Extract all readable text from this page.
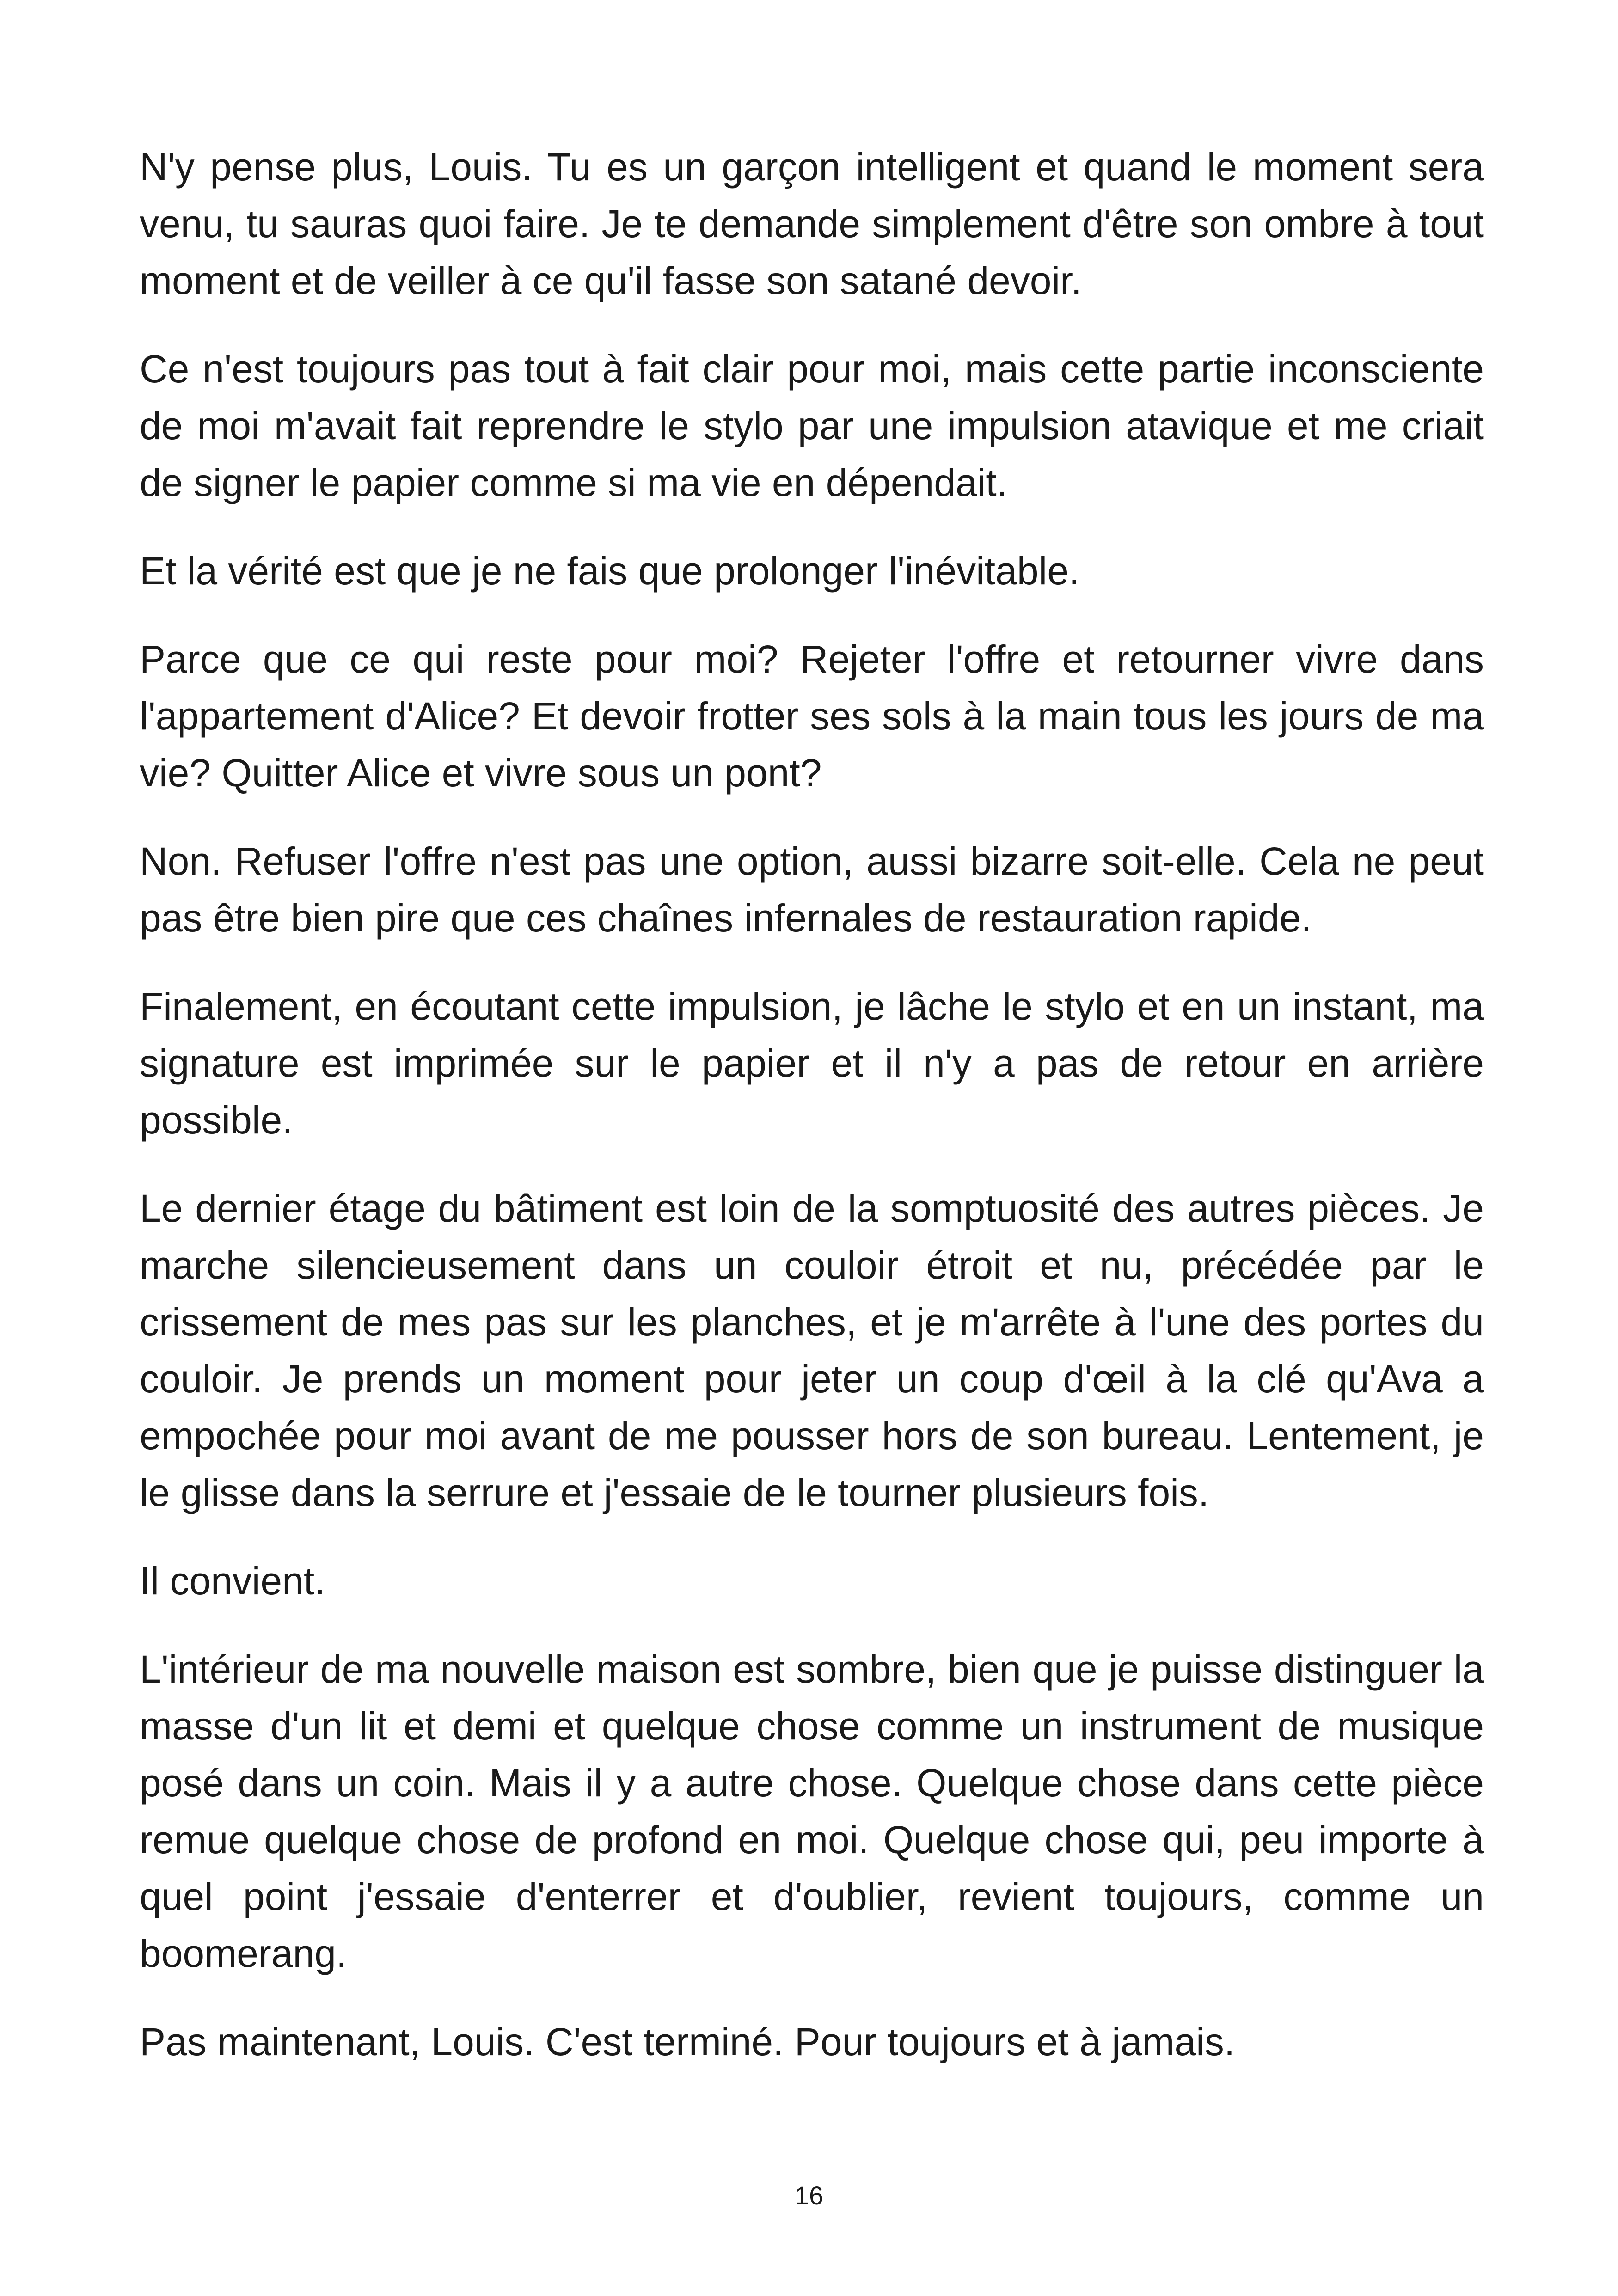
N'y pense plus, Louis. Tu es un garçon intelligent et quand le moment sera venu, tu sauras quoi faire. Je te demande simplement d'être son ombre à tout moment et de veiller à ce qu'il fasse son satané devoir.

Ce n'est toujours pas tout à fait clair pour moi, mais cette partie inconsciente de moi m'avait fait reprendre le stylo par une impulsion atavique et me criait de signer le papier comme si ma vie en dépendait.

Et la vérité est que je ne fais que prolonger l'inévitable.

Parce que ce qui reste pour moi? Rejeter l'offre et retourner vivre dans l'appartement d'Alice? Et devoir frotter ses sols à la main tous les jours de ma vie? Quitter Alice et vivre sous un pont?

Non. Refuser l'offre n'est pas une option, aussi bizarre soit-elle. Cela ne peut pas être bien pire que ces chaînes infernales de restauration rapide.

Finalement, en écoutant cette impulsion, je lâche le stylo et en un instant, ma signature est imprimée sur le papier et il n'y a pas de retour en arrière possible.

Le dernier étage du bâtiment est loin de la somptuosité des autres pièces. Je marche silencieusement dans un couloir étroit et nu, précédée par le crissement de mes pas sur les planches, et je m'arrête à l'une des portes du couloir. Je prends un moment pour jeter un coup d'œil à la clé qu'Ava a empochée pour moi avant de me pousser hors de son bureau. Lentement, je le glisse dans la serrure et j'essaie de le tourner plusieurs fois.

Il convient.

L'intérieur de ma nouvelle maison est sombre, bien que je puisse distinguer la masse d'un lit et demi et quelque chose comme un instrument de musique posé dans un coin. Mais il y a autre chose. Quelque chose dans cette pièce remue quelque chose de profond en moi. Quelque chose qui, peu importe à quel point j'essaie d'enterrer et d'oublier, revient toujours, comme un boomerang.

Pas maintenant, Louis. C'est terminé. Pour toujours et à jamais.

16
